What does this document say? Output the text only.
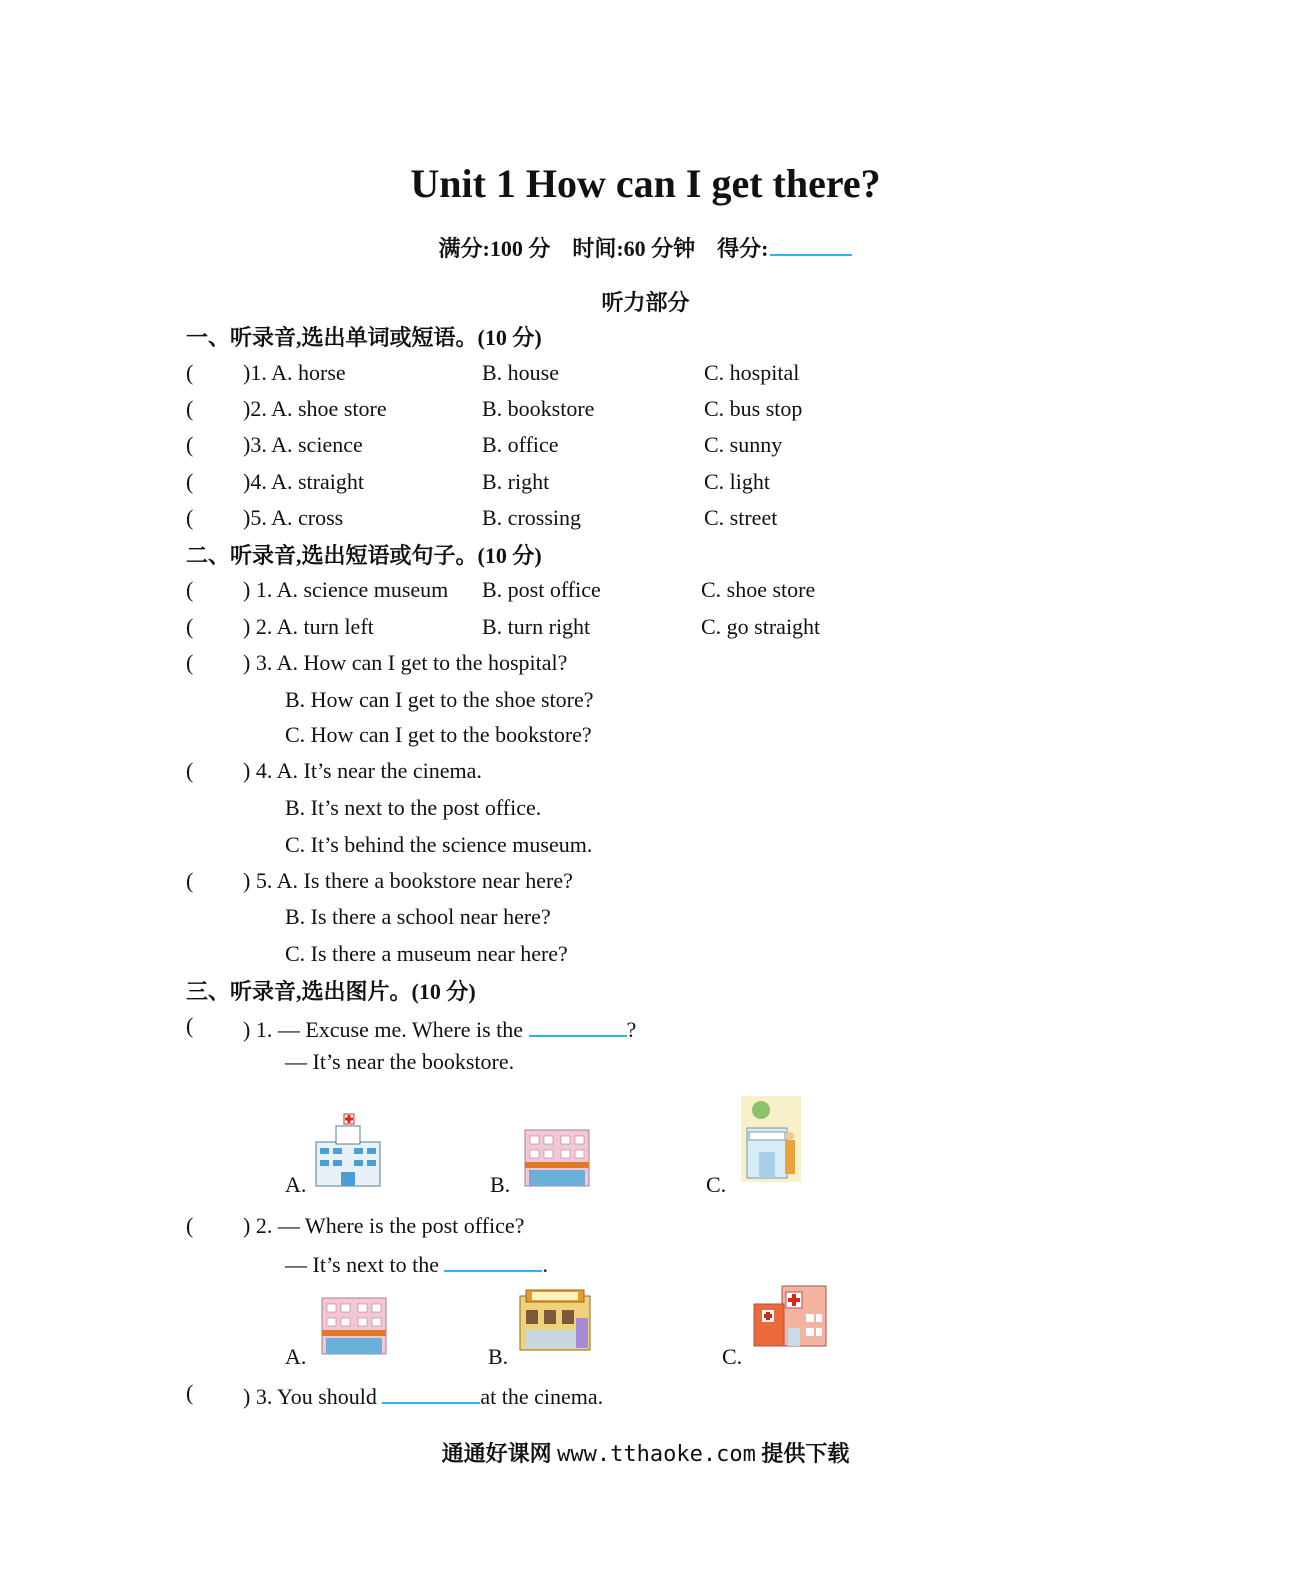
Unit 1 How can I get there?
满分:100 分 时间:60 分钟 得分:
听力部分
一、听录音,选出单词或短语。(10 分)
( )1. A. horse	B. house	C. hospital
( )2. A. shoe store	B. bookstore	C. bus stop
( )3. A. science	B. office	C. sunny
( )4. A. straight	B. right	C. light
( )5. A. cross	B. crossing	C. street
二、听录音,选出短语或句子。(10 分)
( ) 1. A. science museum B. post office	C. shoe store
( ) 2. A. turn left	B. turn right	C. go straight
( ) 3. A. How can I get to the hospital?
B. How can I get to the shoe store?
C. How can I get to the bookstore?
( ) 4. A. It’s near the cinema.
B. It’s next to the post office.
C. It’s behind the science museum.
( ) 5. A. Is there a bookstore near here?
B. Is there a school near here?
C. Is there a museum near here?
三、听录音,选出图片。(10 分)
( ) 1. — Excuse me. Where is the	?
— It’s near the bookstore.
A.	B.	C.
( ) 2. — Where is the post office?
— It’s next to the	.
A.	B.	C.
( ) 3. You should	at the cinema.
通通好课网 www.tthaoke.com 提供下载
